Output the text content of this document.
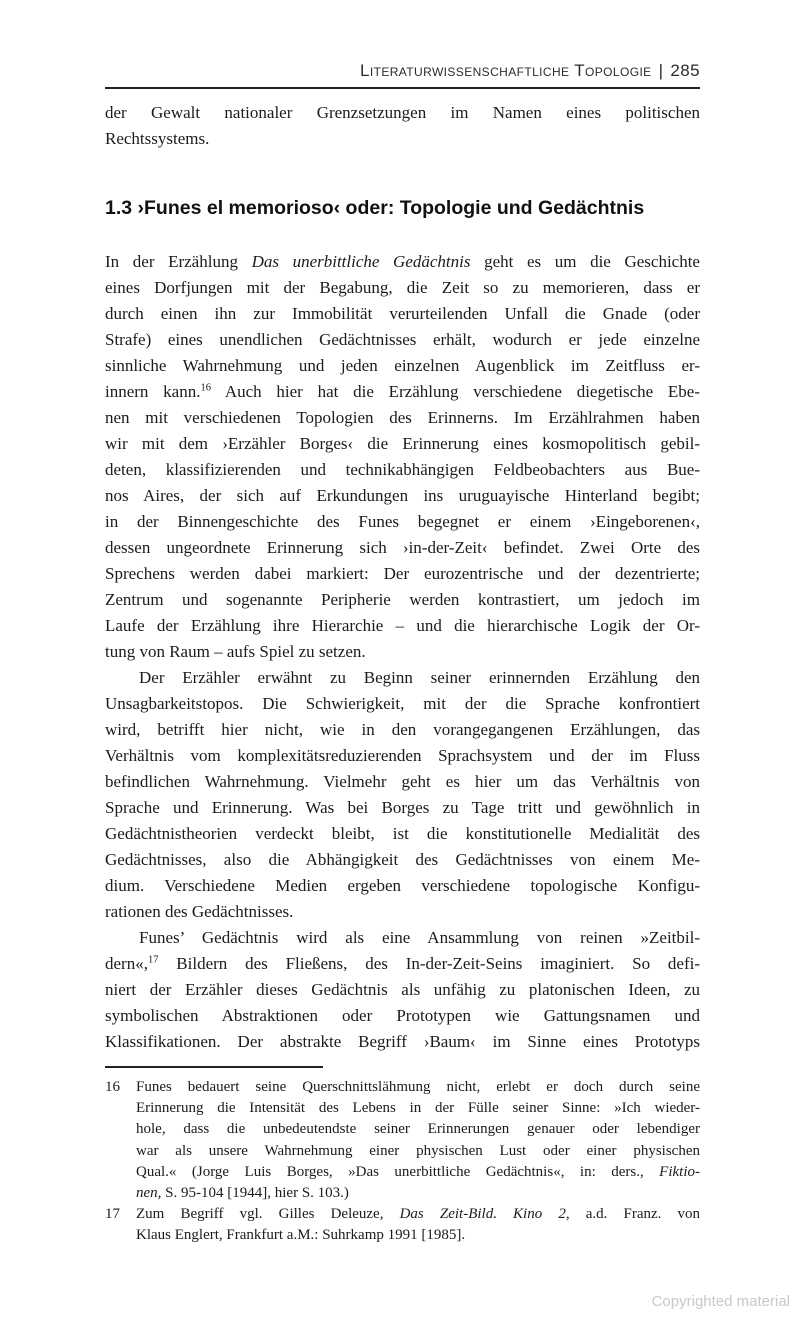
Literaturwissenschaftliche Topologie | 285
der Gewalt nationaler Grenzsetzungen im Namen eines politischen
Rechtssystems.
1.3 ›Funes el memorioso‹ oder: Topologie und Gedächtnis
In der Erzählung Das unerbittliche Gedächtnis geht es um die Geschichte
eines Dorfjungen mit der Begabung, die Zeit so zu memorieren, dass er
durch einen ihn zur Immobilität verurteilenden Unfall die Gnade (oder
Strafe) eines unendlichen Gedächtnisses erhält, wodurch er jede einzelne
sinnliche Wahrnehmung und jeden einzelnen Augenblick im Zeitfluss er-
innern kann.$^{16}$ Auch hier hat die Erzählung verschiedene diegetische Ebe-
nen mit verschiedenen Topologien des Erinnerns. Im Erzählrahmen haben
wir mit dem ›Erzähler Borges‹ die Erinnerung eines kosmopolitisch gebil-
deten, klassifizierenden und technikabhängigen Feldbeobachters aus Bue-
nos Aires, der sich auf Erkundungen ins uruguayische Hinterland begibt;
in der Binnengeschichte des Funes begegnet er einem ›Eingeborenen‹,
dessen ungeordnete Erinnerung sich ›in-der-Zeit‹ befindet. Zwei Orte des
Sprechens werden dabei markiert: Der eurozentrische und der dezentrierte;
Zentrum und sogenannte Peripherie werden kontrastiert, um jedoch im
Laufe der Erzählung ihre Hierarchie – und die hierarchische Logik der Or-
tung von Raum – aufs Spiel zu setzen.
Der Erzähler erwähnt zu Beginn seiner erinnernden Erzählung den
Unsagbarkeitstopos. Die Schwierigkeit, mit der die Sprache konfrontiert
wird, betrifft hier nicht, wie in den vorangegangenen Erzählungen, das
Verhältnis vom komplexitätsreduzierenden Sprachsystem und der im Fluss
befindlichen Wahrnehmung. Vielmehr geht es hier um das Verhältnis von
Sprache und Erinnerung. Was bei Borges zu Tage tritt und gewöhnlich in
Gedächtnistheorien verdeckt bleibt, ist die konstitutionelle Medialität des
Gedächtnisses, also die Abhängigkeit des Gedächtnisses von einem Me-
dium. Verschiedene Medien ergeben verschiedene topologische Konfigu-
rationen des Gedächtnisses.
Funes’ Gedächtnis wird als eine Ansammlung von reinen »Zeitbil-
dern«,$^{17}$ Bildern des Fließens, des In-der-Zeit-Seins imaginiert. So defi-
niert der Erzähler dieses Gedächtnis als unfähig zu platonischen Ideen, zu
symbolischen Abstraktionen oder Prototypen wie Gattungsnamen und
Klassifikationen. Der abstrakte Begriff ›Baum‹ im Sinne eines Prototyps
16	Funes bedauert seine Querschnittslähmung nicht, erlebt er doch durch seine
Erinnerung die Intensität des Lebens in der Fülle seiner Sinne: »Ich wieder-
hole, dass die unbedeutendste seiner Erinnerungen genauer oder lebendiger
war als unsere Wahrnehmung einer physischen Lust oder einer physischen
Qual.« (Jorge Luis Borges, »Das unerbittliche Gedächtnis«, in: ders., Fiktio-
nen, S. 95-104 [1944], hier S. 103.)
17	Zum Begriff vgl. Gilles Deleuze, Das Zeit-Bild. Kino 2, a.d. Franz. von
Klaus Englert, Frankfurt a.M.: Suhrkamp 1991 [1985].
Copyrighted material
